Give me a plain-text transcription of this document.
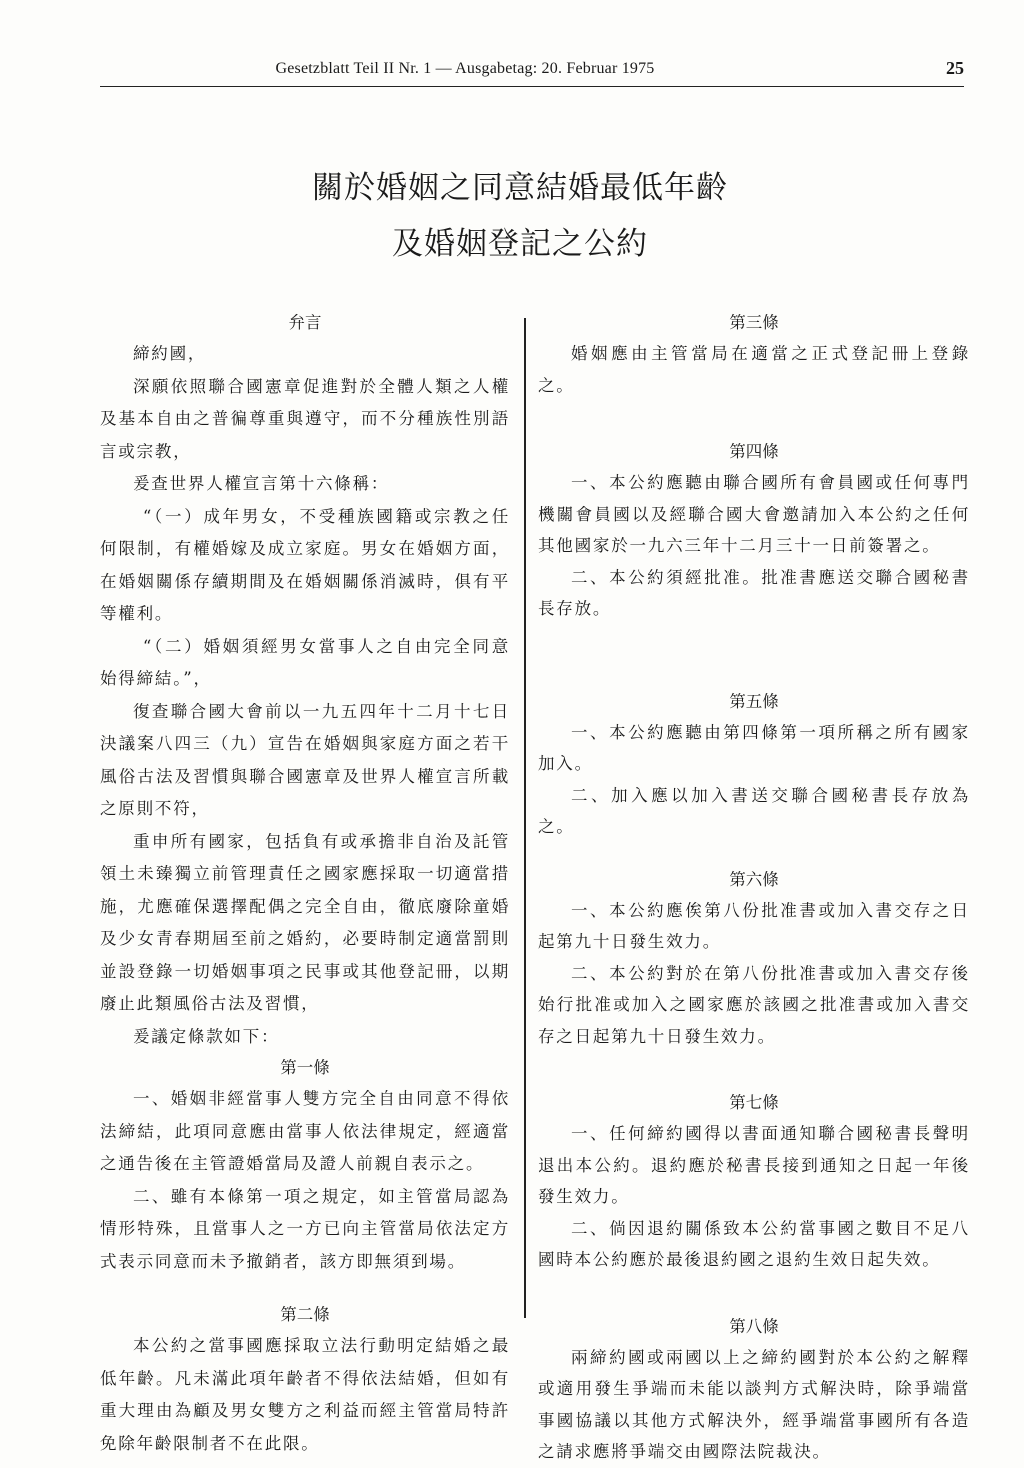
Gesetzblatt Teil II Nr. 1 — Ausgabetag: 20. Februar 1975	25
關於婚姻之同意結婚最低年齡
及婚姻登記之公約
弁言

締約國，

深願依照聯合國憲章促進對於全體人類之人權及基本自由之普徧尊重與遵守，而不分種族性別語言或宗教，

爰查世界人權宣言第十六條稱：

“（一）成年男女，不受種族國籍或宗教之任何限制，有權婚嫁及成立家庭。男女在婚姻方面，在婚姻關係存續期間及在婚姻關係消滅時，俱有平等權利。

“（二）婚姻須經男女當事人之自由完全同意始得締結。”，

復查聯合國大會前以一九五四年十二月十七日決議案八四三（九）宣告在婚姻與家庭方面之若干風俗古法及習慣與聯合國憲章及世界人權宣言所載之原則不符，

重申所有國家，包括負有或承擔非自治及託管領土未臻獨立前管理責任之國家應採取一切適當措施，尤應確保選擇配偶之完全自由，徹底廢除童婚及少女青春期屆至前之婚約，必要時制定適當罰則並設登錄一切婚姻事項之民事或其他登記冊，以期廢止此類風俗古法及習慣，

爰議定條款如下：

第一條

一、婚姻非經當事人雙方完全自由同意不得依法締結，此項同意應由當事人依法律規定，經適當之通告後在主管證婚當局及證人前親自表示之。

二、雖有本條第一項之規定，如主管當局認為情形特殊，且當事人之一方已向主管當局依法定方式表示同意而未予撤銷者，該方即無須到場。

第二條

本公約之當事國應採取立法行動明定結婚之最低年齡。凡未滿此項年齡者不得依法結婚，但如有重大理由為顧及男女雙方之利益而經主管當局特許免除年齡限制者不在此限。

第三條

婚姻應由主管當局在適當之正式登記冊上登錄之。

第四條

一、本公約應聽由聯合國所有會員國或任何專門機關會員國以及經聯合國大會邀請加入本公約之任何其他國家於一九六三年十二月三十一日前簽署之。

二、本公約須經批准。批准書應送交聯合國秘書長存放。

第五條

一、本公約應聽由第四條第一項所稱之所有國家加入。

二、加入應以加入書送交聯合國秘書長存放為之。

第六條

一、本公約應俟第八份批准書或加入書交存之日起第九十日發生效力。

二、本公約對於在第八份批准書或加入書交存後始行批准或加入之國家應於該國之批准書或加入書交存之日起第九十日發生效力。

第七條

一、任何締約國得以書面通知聯合國秘書長聲明退出本公約。退約應於秘書長接到通知之日起一年後發生效力。

二、倘因退約關係致本公約當事國之數目不足八國時本公約應於最後退約國之退約生效日起失效。

第八條

兩締約國或兩國以上之締約國對於本公約之解釋或適用發生爭端而未能以談判方式解決時，除爭端當事國協議以其他方式解決外，經爭端當事國所有各造之請求應將爭端交由國際法院裁決。
